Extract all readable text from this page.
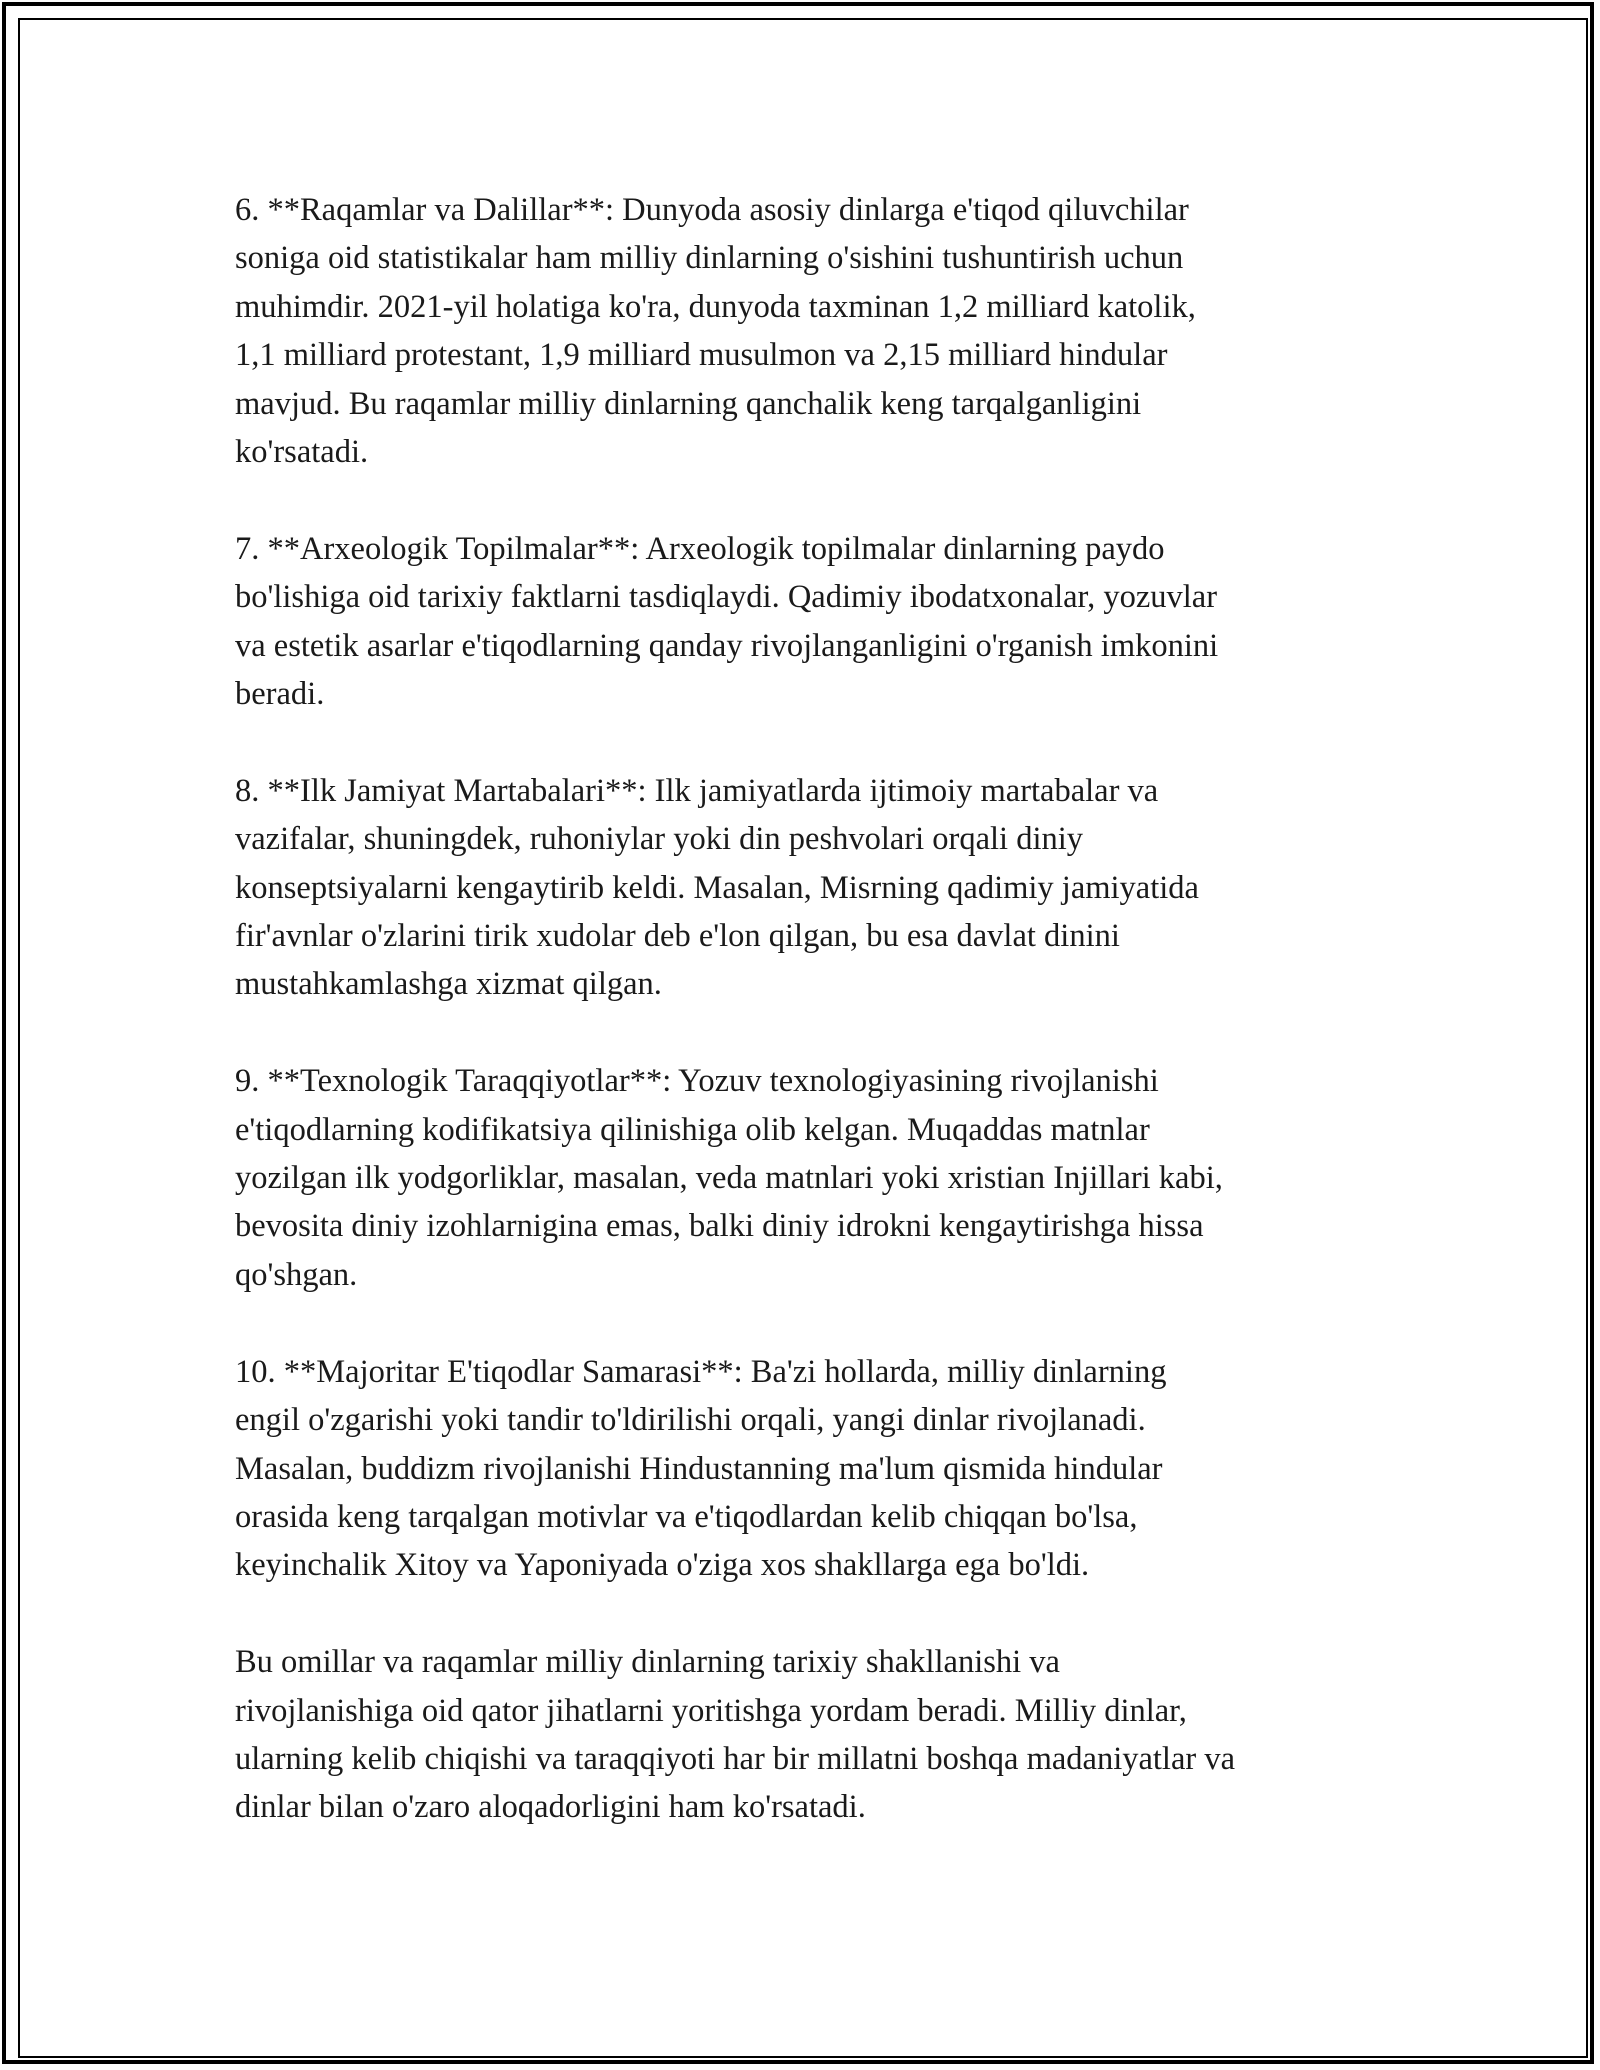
6. **Raqamlar va Dalillar**: Dunyoda asosiy dinlarga e'tiqod qiluvchilar
soniga oid statistikalar ham milliy dinlarning o'sishini tushuntirish uchun
muhimdir. 2021-yil holatiga ko'ra, dunyoda taxminan 1,2 milliard katolik,
1,1 milliard protestant, 1,9 milliard musulmon va 2,15 milliard hindular
mavjud. Bu raqamlar milliy dinlarning qanchalik keng tarqalganligini
ko'rsatadi.

7. **Arxeologik Topilmalar**: Arxeologik topilmalar dinlarning paydo
bo'lishiga oid tarixiy faktlarni tasdiqlaydi. Qadimiy ibodatxonalar, yozuvlar
va estetik asarlar e'tiqodlarning qanday rivojlanganligini o'rganish imkonini
beradi.

8. **Ilk Jamiyat Martabalari**: Ilk jamiyatlarda ijtimoiy martabalar va
vazifalar, shuningdek, ruhoniylar yoki din peshvolari orqali diniy
konseptsiyalarni kengaytirib keldi. Masalan, Misrning qadimiy jamiyatida
fir'avnlar o'zlarini tirik xudolar deb e'lon qilgan, bu esa davlat dinini
mustahkamlashga xizmat qilgan.

9. **Texnologik Taraqqiyotlar**: Yozuv texnologiyasining rivojlanishi
e'tiqodlarning kodifikatsiya qilinishiga olib kelgan. Muqaddas matnlar
yozilgan ilk yodgorliklar, masalan, veda matnlari yoki xristian Injillari kabi,
bevosita diniy izohlarnigina emas, balki diniy idrokni kengaytirishga hissa
qo'shgan.

10. **Majoritar E'tiqodlar Samarasi**: Ba'zi hollarda, milliy dinlarning
engil o'zgarishi yoki tandir to'ldirilishi orqali, yangi dinlar rivojlanadi.
Masalan, buddizm rivojlanishi Hindustanning ma'lum qismida hindular
orasida keng tarqalgan motivlar va e'tiqodlardan kelib chiqqan bo'lsa,
keyinchalik Xitoy va Yaponiyada o'ziga xos shakllarga ega bo'ldi.

Bu omillar va raqamlar milliy dinlarning tarixiy shakllanishi va
rivojlanishiga oid qator jihatlarni yoritishga yordam beradi. Milliy dinlar,
ularning kelib chiqishi va taraqqiyoti har bir millatni boshqa madaniyatlar va
dinlar bilan o'zaro aloqadorligini ham ko'rsatadi.
